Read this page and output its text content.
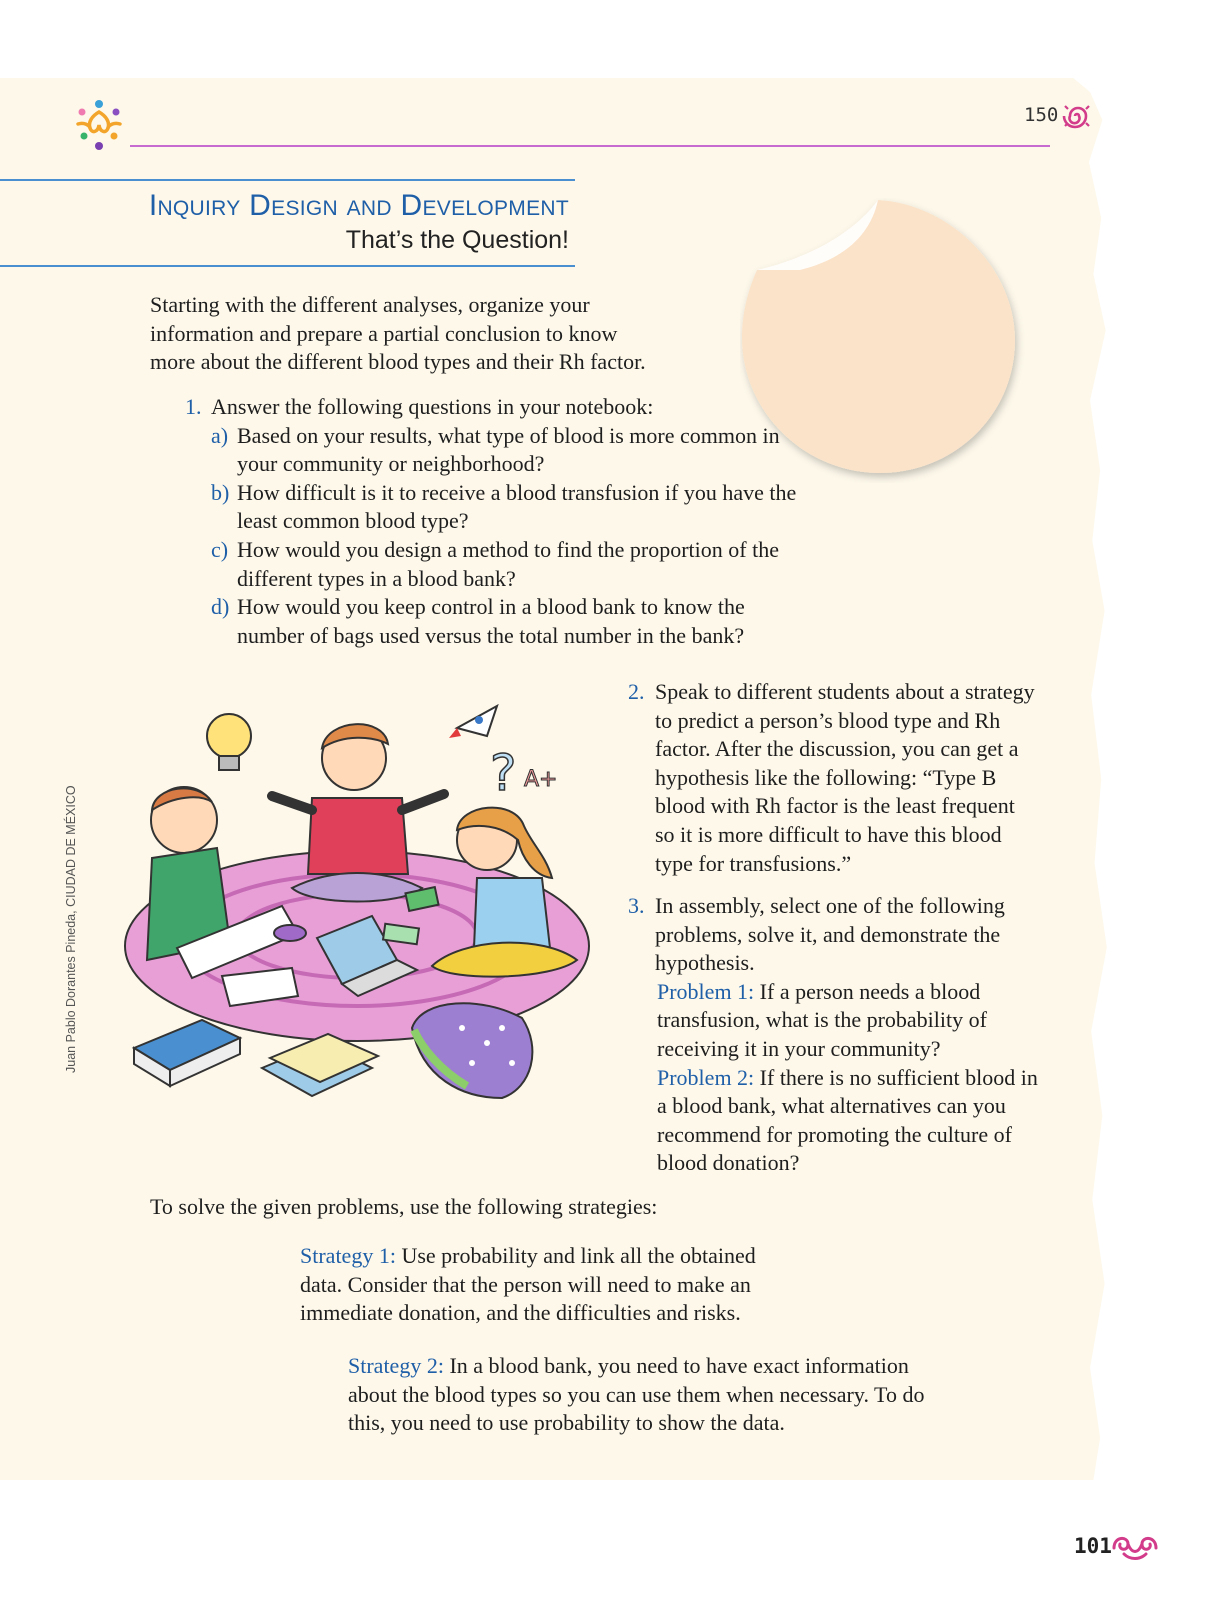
150
Inquiry Design and Development
That’s the Question!
Starting with the different analyses, organize your information and prepare a partial conclusion to know more about the different blood types and their Rh factor.
1. Answer the following questions in your notebook:
a) Based on your results, what type of blood is more common in your community or neighborhood?
b) How difficult is it to receive a blood transfusion if you have the least common blood type?
c) How would you design a method to find the proportion of the different types in a blood bank?
d) How would you keep control in a blood bank to know the number of bags used versus the total number in the bank?
? A+
Juan Pablo Dorantes Pineda, CIUDAD DE MÉXICO
2. Speak to different students about a strategy to predict a person’s blood type and Rh factor. After the discussion, you can get a hypothesis like the following: “Type B blood with Rh factor is the least frequent so it is more difficult to have this blood type for transfusions.”
3. In assembly, select one of the following problems, solve it, and demonstrate the hypothesis.
Problem 1: If a person needs a blood transfusion, what is the probability of receiving it in your community?
Problem 2: If there is no sufficient blood in a blood bank, what alternatives can you recommend for promoting the culture of blood donation?
To solve the given problems, use the following strategies:
Strategy 1: Use probability and link all the obtained data. Consider that the person will need to make an immediate donation, and the difficulties and risks.
Strategy 2: In a blood bank, you need to have exact information about the blood types so you can use them when necessary. To do this, you need to use probability to show the data.
101
